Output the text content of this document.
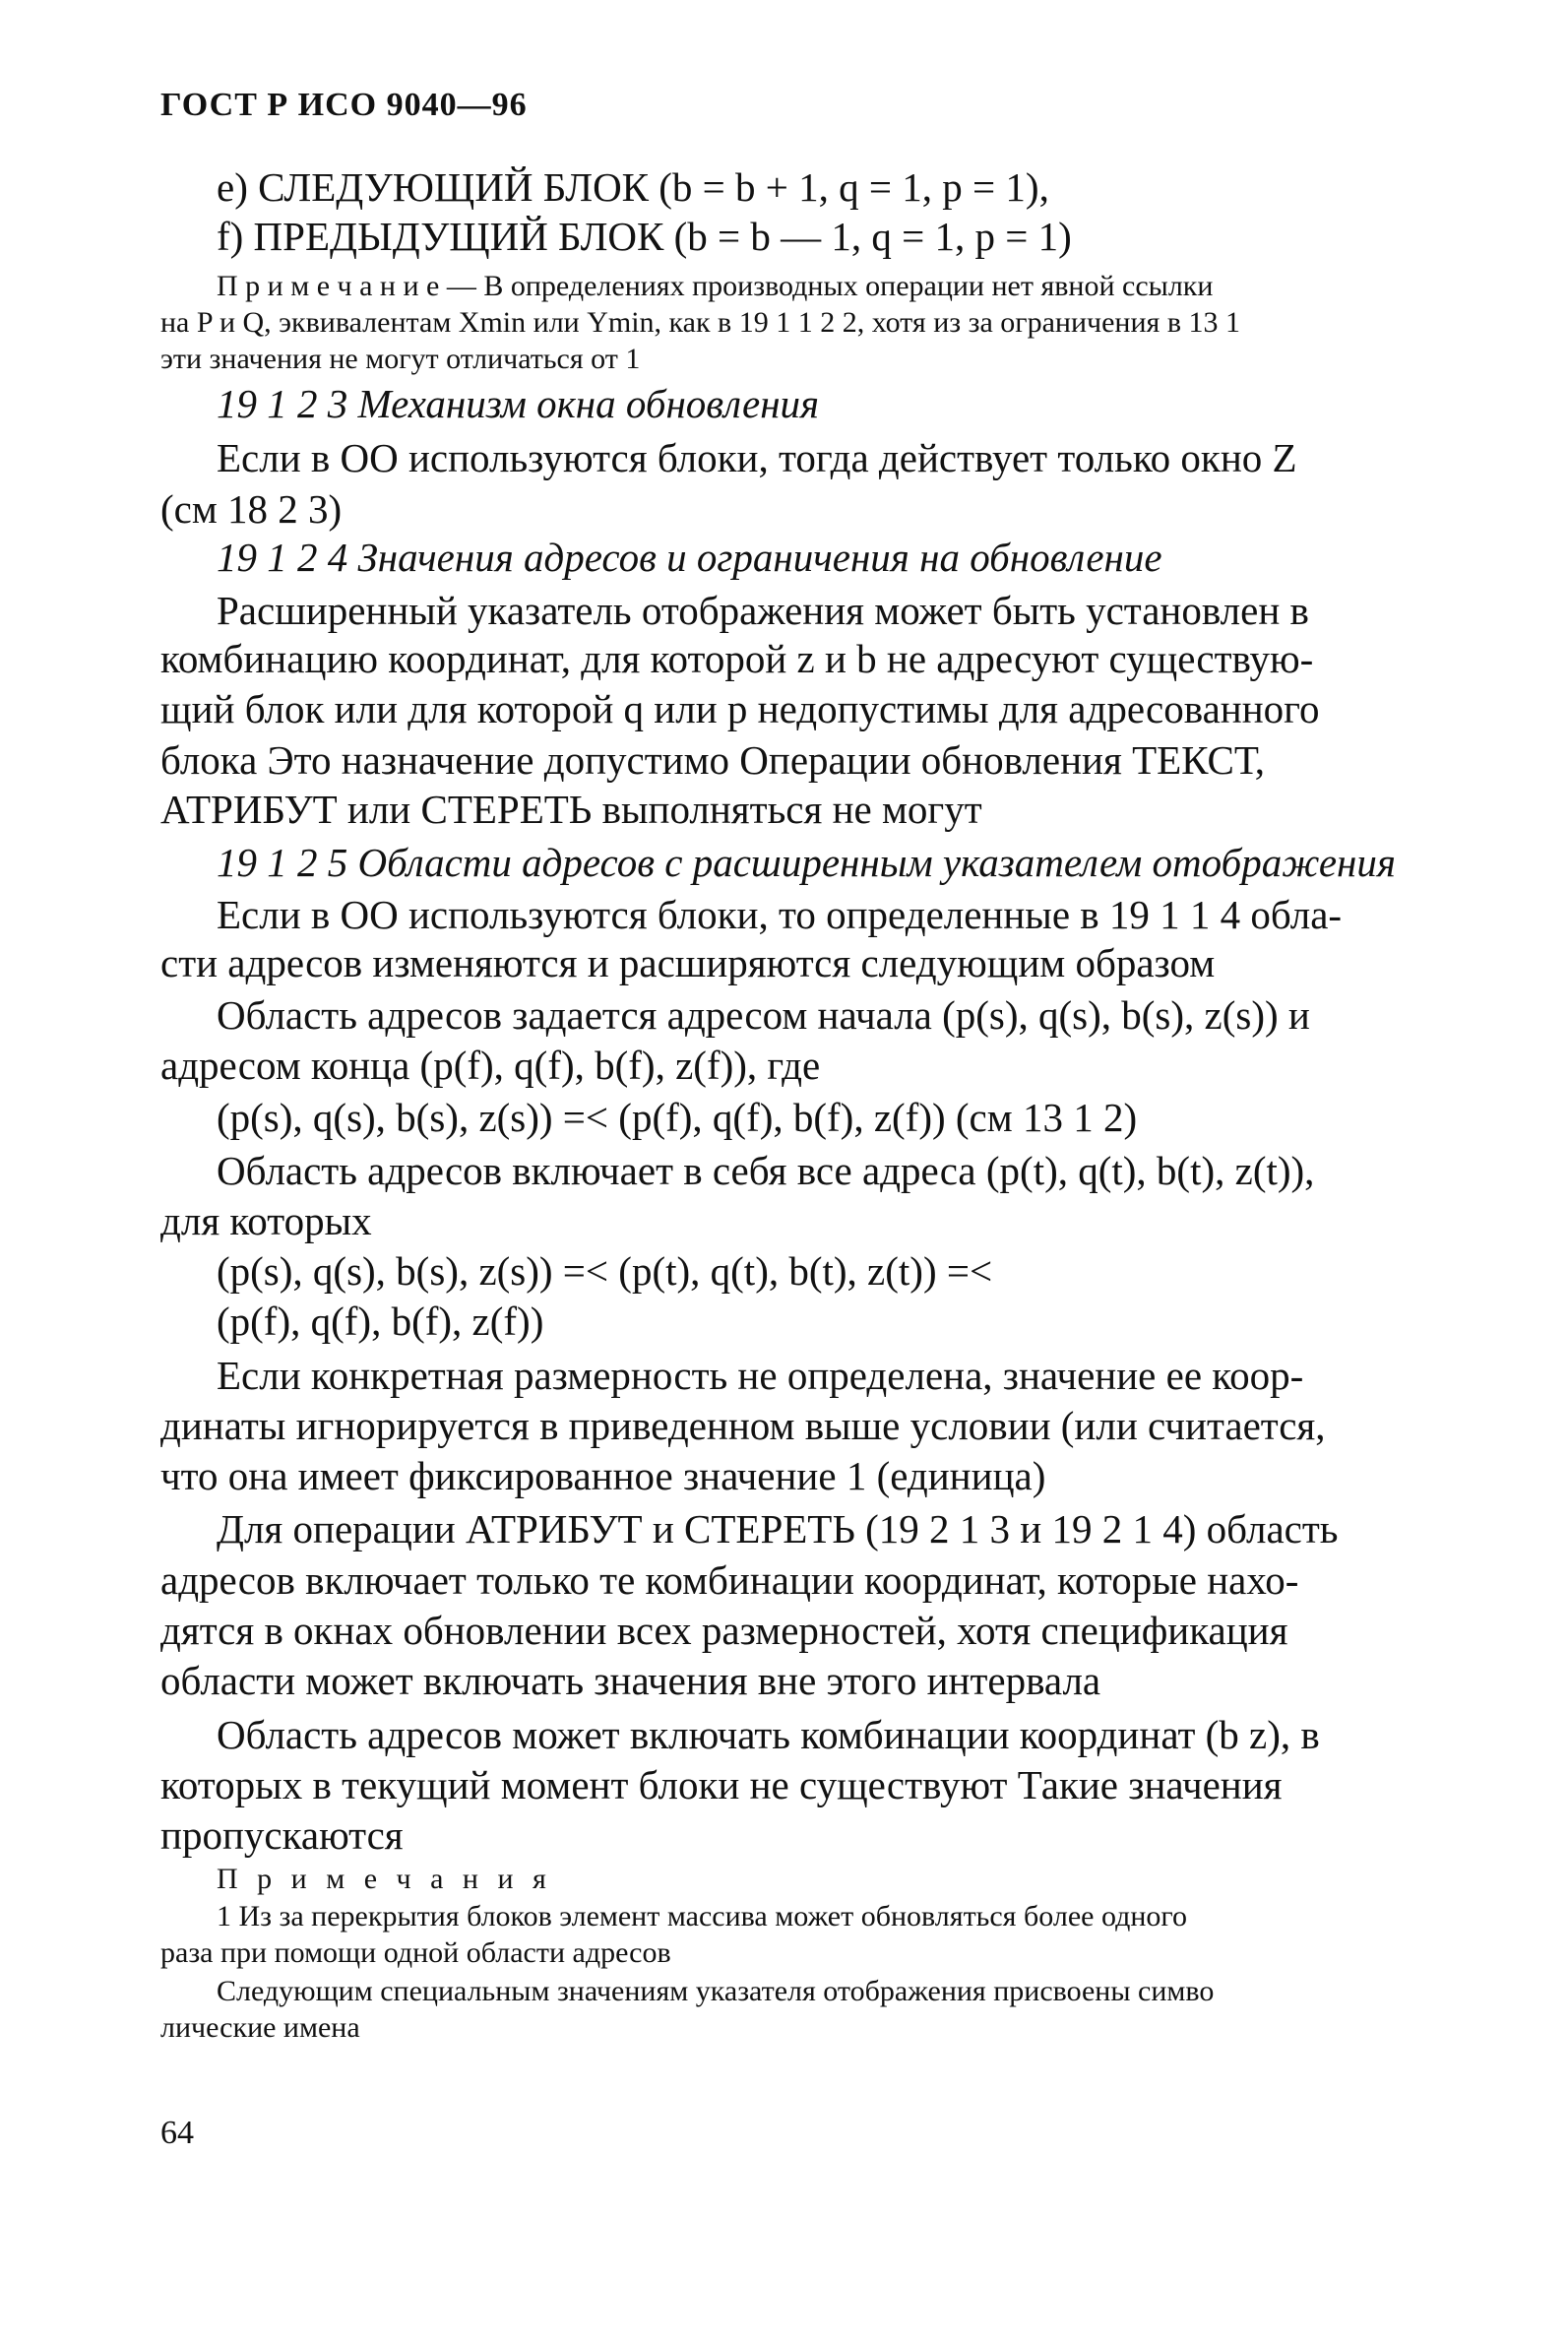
ГОСТ Р ИСО 9040—96
е) СЛЕДУЮЩИЙ БЛОК (b = b + 1, q = 1, p = 1),
f) ПРЕДЫДУЩИЙ БЛОК (b = b — 1, q = 1, p = 1)
П р и м е ч а н и е — В определениях производных операции нет явной ссылки
на P и Q, эквивалентам Xmin или Ymin, как в 19 1 1 2 2, хотя из за ограничения в 13 1
эти значения не могут отличаться от 1
19 1 2 3 Механизм окна обновления
Если в ОО используются блоки, тогда действует только окно Z
(см 18 2 3)
19 1 2 4 Значения адресов и ограничения на обновление
Расширенный указатель отображения может быть установлен в
комбинацию координат, для которой z и b не адресуют существую-
щий блок или для которой q или p недопустимы для адресованного
блока Это назначение допустимо Операции обновления ТЕКСТ,
АТРИБУТ или СТЕРЕТЬ выполняться не могут
19 1 2 5 Области адресов с расширенным указателем отображения
Если в ОО используются блоки, то определенные в 19 1 1 4 обла-
сти адресов изменяются и расширяются следующим образом
Область адресов задается адресом начала (p(s), q(s), b(s), z(s)) и
адресом конца (p(f), q(f), b(f), z(f)), где
(p(s), q(s), b(s), z(s)) =< (p(f), q(f), b(f), z(f)) (см 13 1 2)
Область адресов включает в себя все адреса (p(t), q(t), b(t), z(t)),
для которых
(p(s), q(s), b(s), z(s)) =< (p(t), q(t), b(t), z(t)) =<
(p(f), q(f), b(f), z(f))
Если конкретная размерность не определена, значение ее коор-
динаты игнорируется в приведенном выше условии (или считается,
что она имеет фиксированное значение 1 (единица)
Для операции АТРИБУТ и СТЕРЕТЬ (19 2 1 3 и 19 2 1 4) область
адресов включает только те комбинации координат, которые нахо-
дятся в окнах обновлении всех размерностей, хотя спецификация
области может включать значения вне этого интервала
Область адресов может включать комбинации координат (b z), в
которых в текущий момент блоки не существуют Такие значения
пропускаются
П р и м е ч а н и я
1 Из за перекрытия блоков элемент массива может обновляться более одного
раза при помощи одной области адресов
Следующим специальным значениям указателя отображения присвоены симво
лические имена
64
